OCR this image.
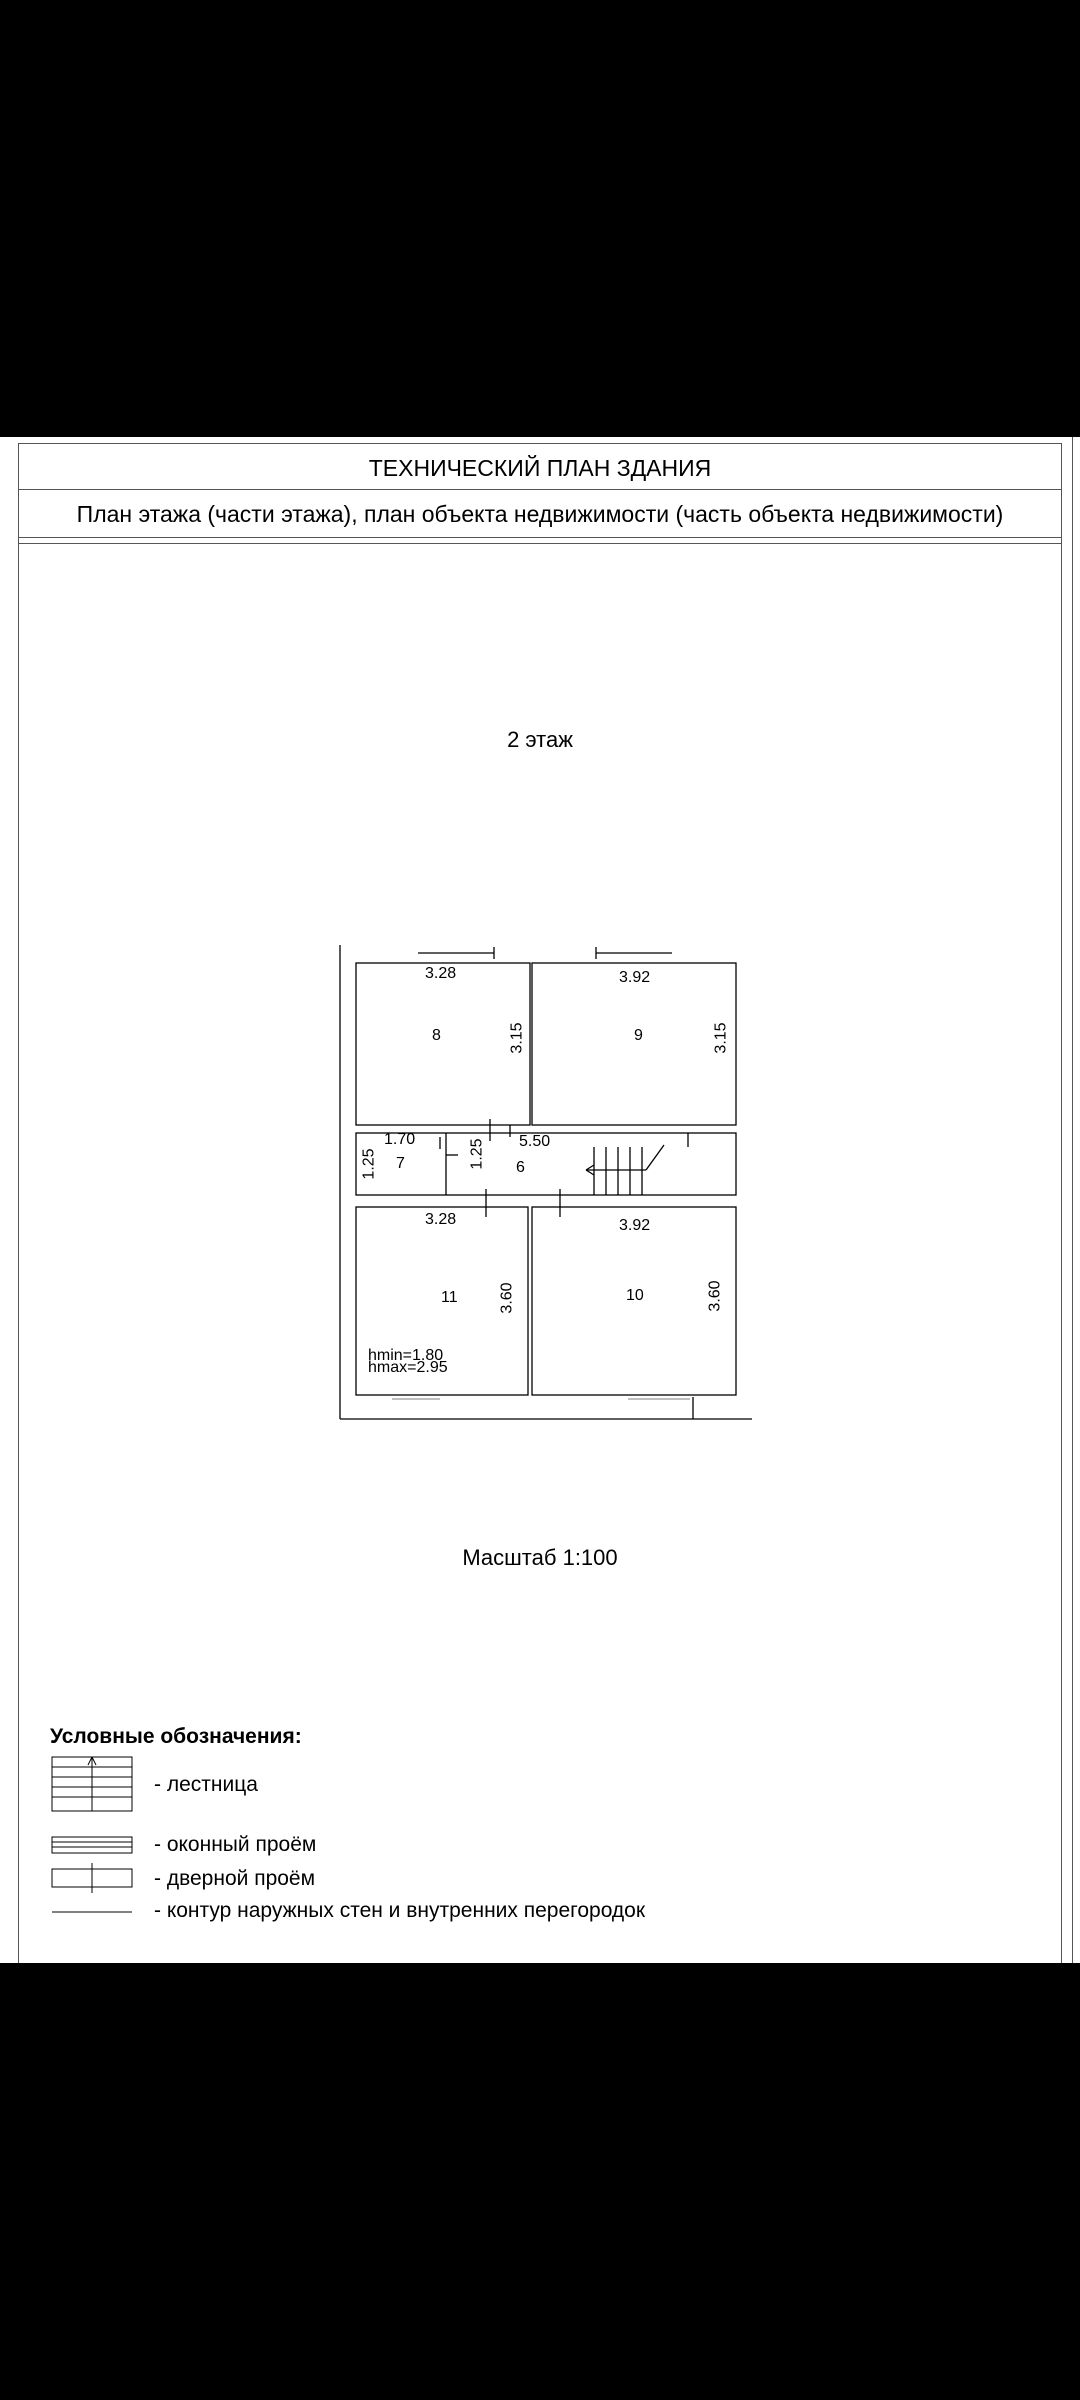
ТЕХНИЧЕСКИЙ ПЛАН ЗДАНИЯ
План этажа (части этажа), план объекта недвижимости (часть объекта недвижимости)
2 этаж
3.28
8	3.15
3.92
9	3.15
1.25
1.70
7	1.25 5.50
6
3.28
11	3.60
hmin=1.80
hmax=2.95
3.92
10	3.60
Масштаб 1:100
Условные обозначения:
- лестница
- оконный проём
- дверной проём
- контур наружных стен и внутренних перегородок
